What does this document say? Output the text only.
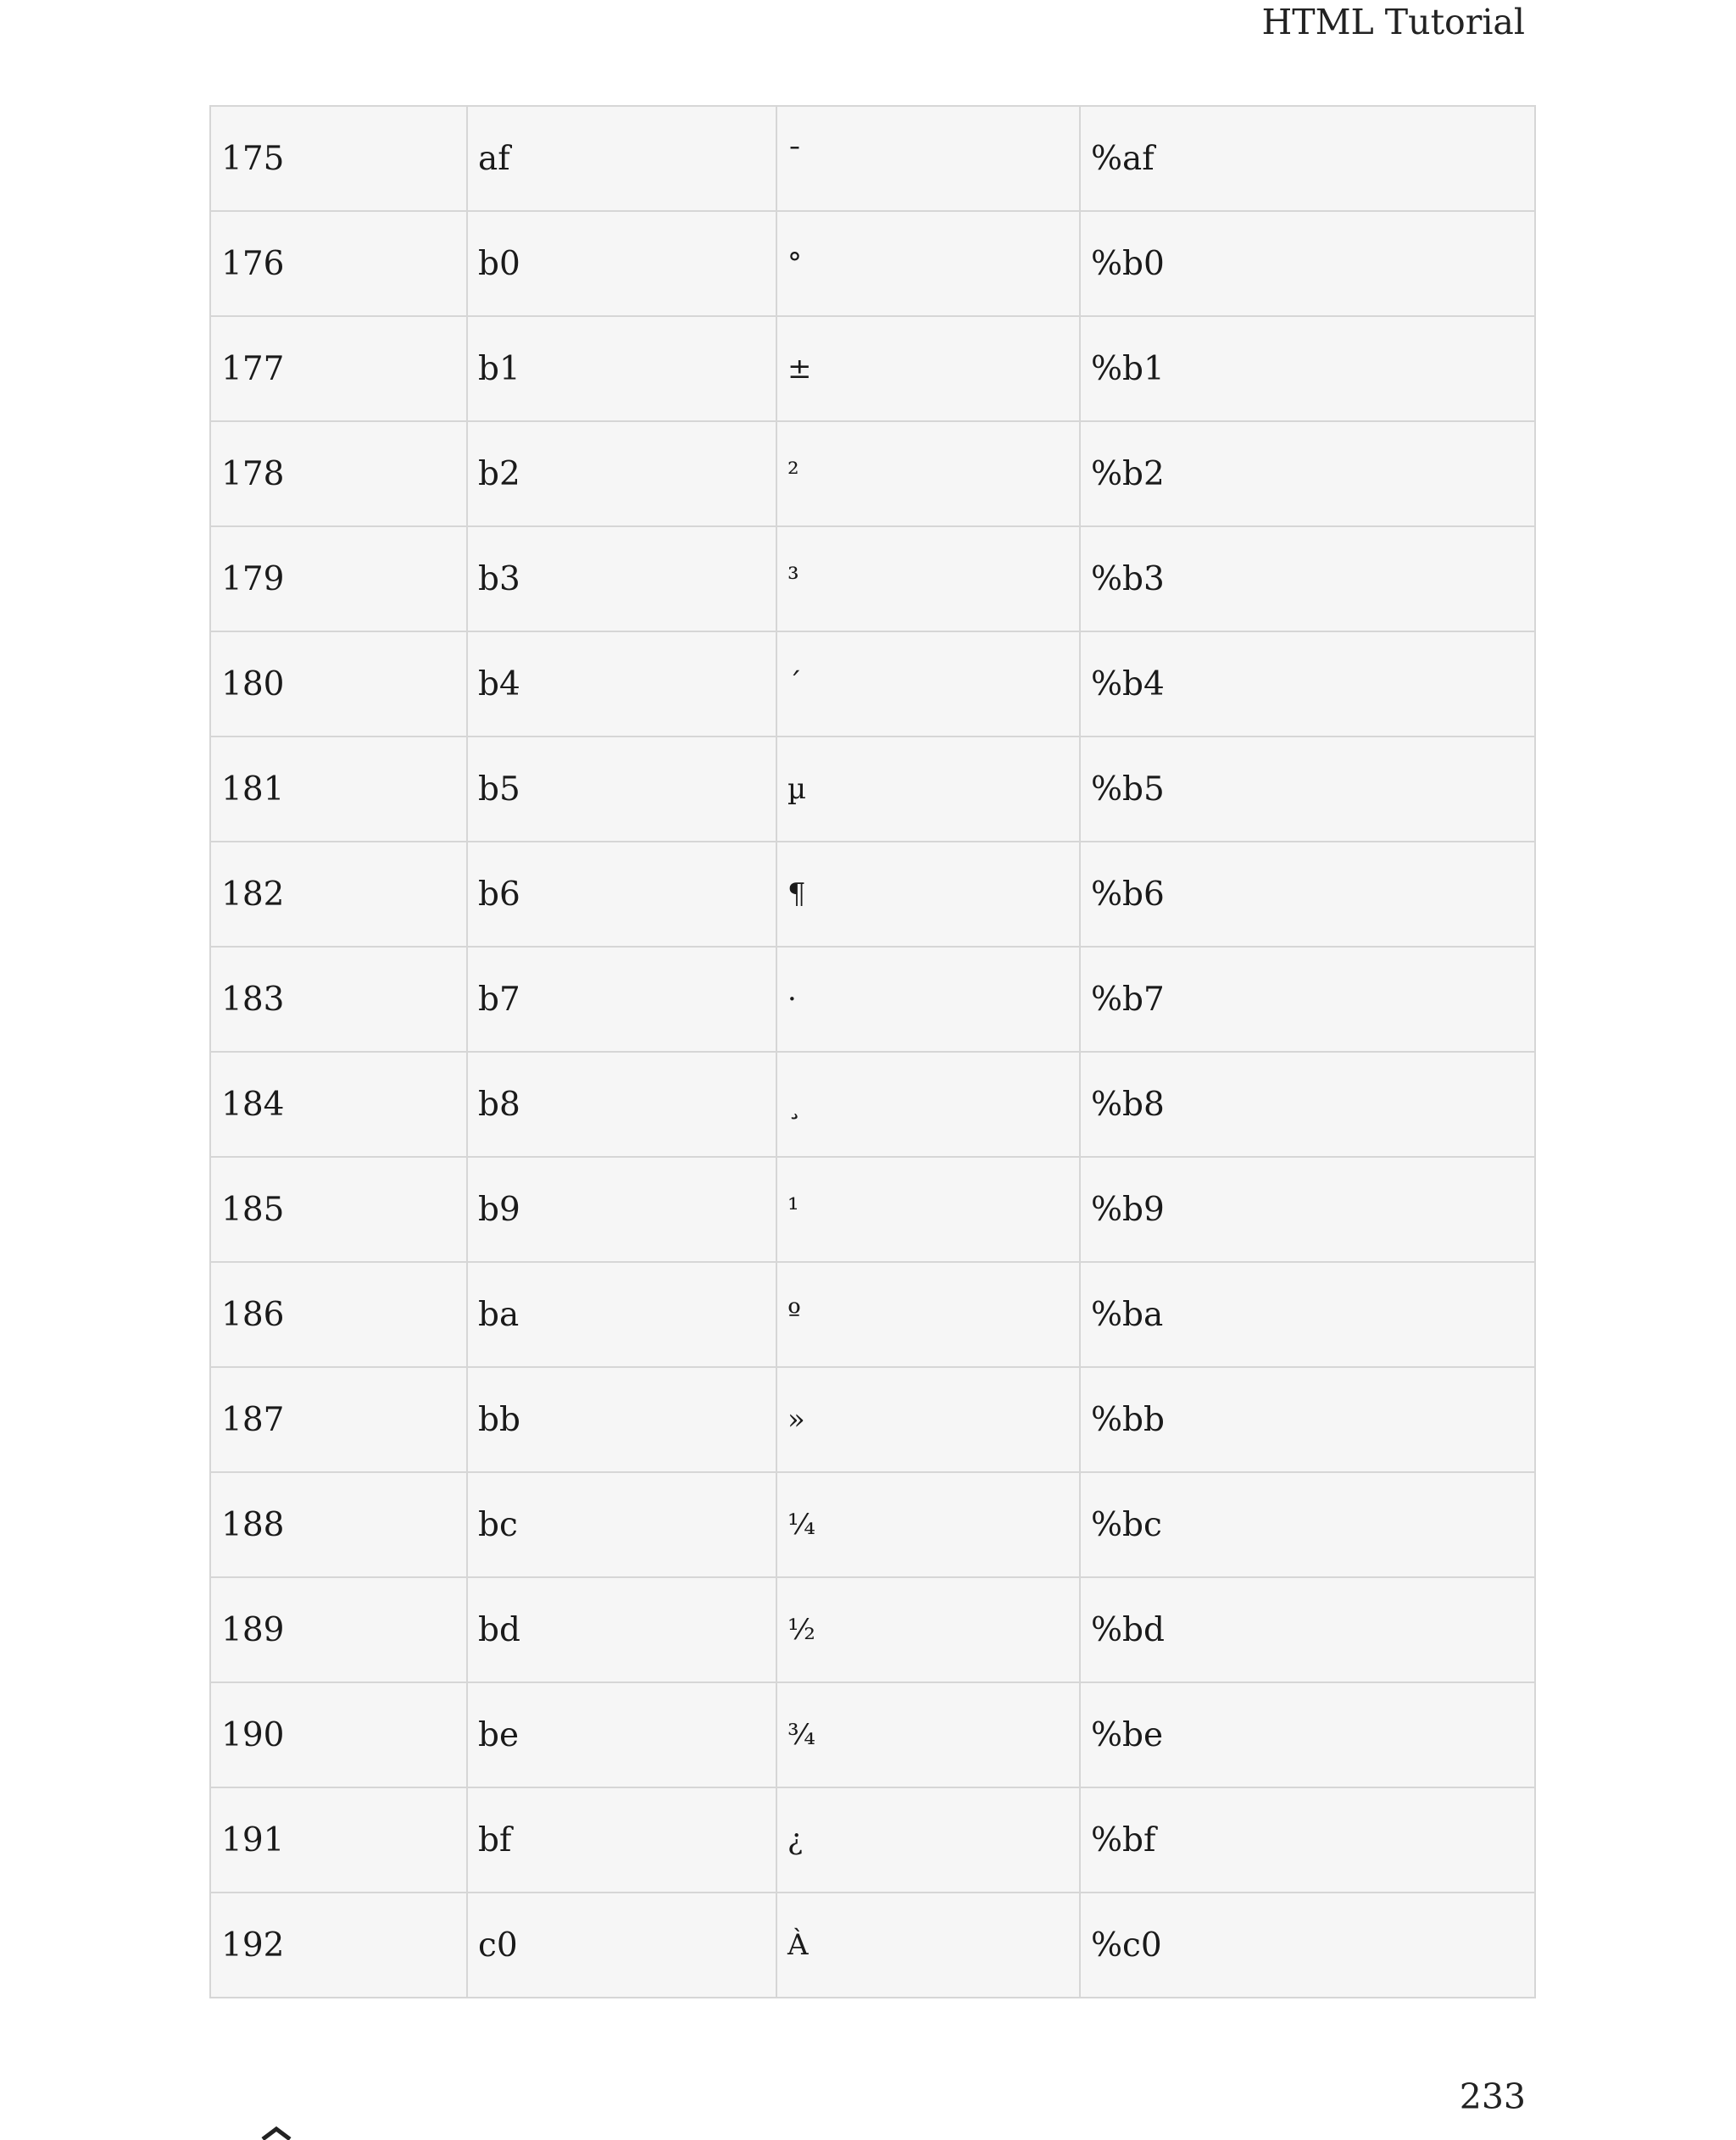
HTML Tutorial
175	af	¯	%af
176	b0	°	%b0
177	b1	±	%b1
178	b2	²	%b2
179	b3	³	%b3
180	b4	´	%b4
181	b5	µ	%b5
182	b6	¶	%b6
183	b7	·	%b7
184	b8	¸	%b8
185	b9	¹	%b9
186	ba	º	%ba
187	bb	»	%bb
188	bc	¼	%bc
189	bd	½	%bd
190	be	¾	%be
191	bf	¿	%bf
192	c0	À	%c0
233
